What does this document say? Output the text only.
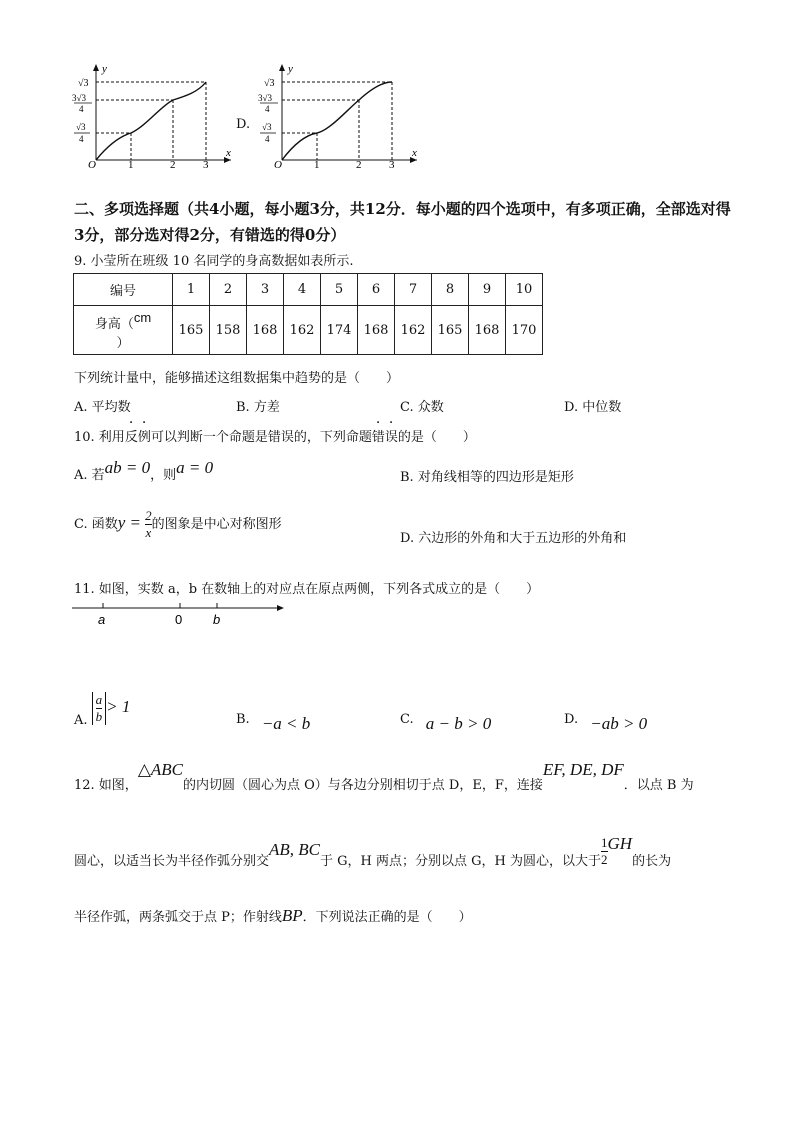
y
x
O	1	2	3
√3
3√3
4
√3
4
D.
y
x
O	1	2	3
√3
3√3
4
√3
4
二、多项选择题（共4小题，每小题3分，共12分．每小题的四个选项中，有多项正确，全部选对得3分，部分选对得2分，有错选的得0分）
9. 小莹所在班级 10 名同学的身高数据如表所示.
编号	1	2	3	4	5	6	7	8	9	10
身高（cm
）	165	158	168	162	174	168	162	165	168	170
下列统计量中，能够描述这组数据集中趋势的是（　　）
A. 平均数	B. 方差	C. 众数	D. 中位数
10. 利用反例可以判断一个命题是错误的，下列命题错误的是（　　）
A. 若ab = 0，则a = 0
B. 对角线相等的四边形是矩形
C. 函数$y = \frac{2}{x}$ 的图象是中心对称图形
D. 六边形的外角和大于五边形的外角和
11. 如图，实数 a，b 在数轴上的对应点在原点两侧，下列各式成立的是（　　）
a	0 b
A. $\frac{a}{b} > 1$
B. −a < b	C. a − b > 0	D. −ab > 0
12. 如图，△ABC的内切圆（圆心为点 O）与各边分别相切于点 D，E，F，连接EF, DE, DF．以点 B 为
圆心，以适当长为半径作弧分别交AB, BC于 G，H 两点；分别以点 G，H 为圆心，以大于 $\frac{1}{2}$ GH的长为
半径作弧，两条弧交于点 P；作射线BP．下列说法正确的是（　　）
